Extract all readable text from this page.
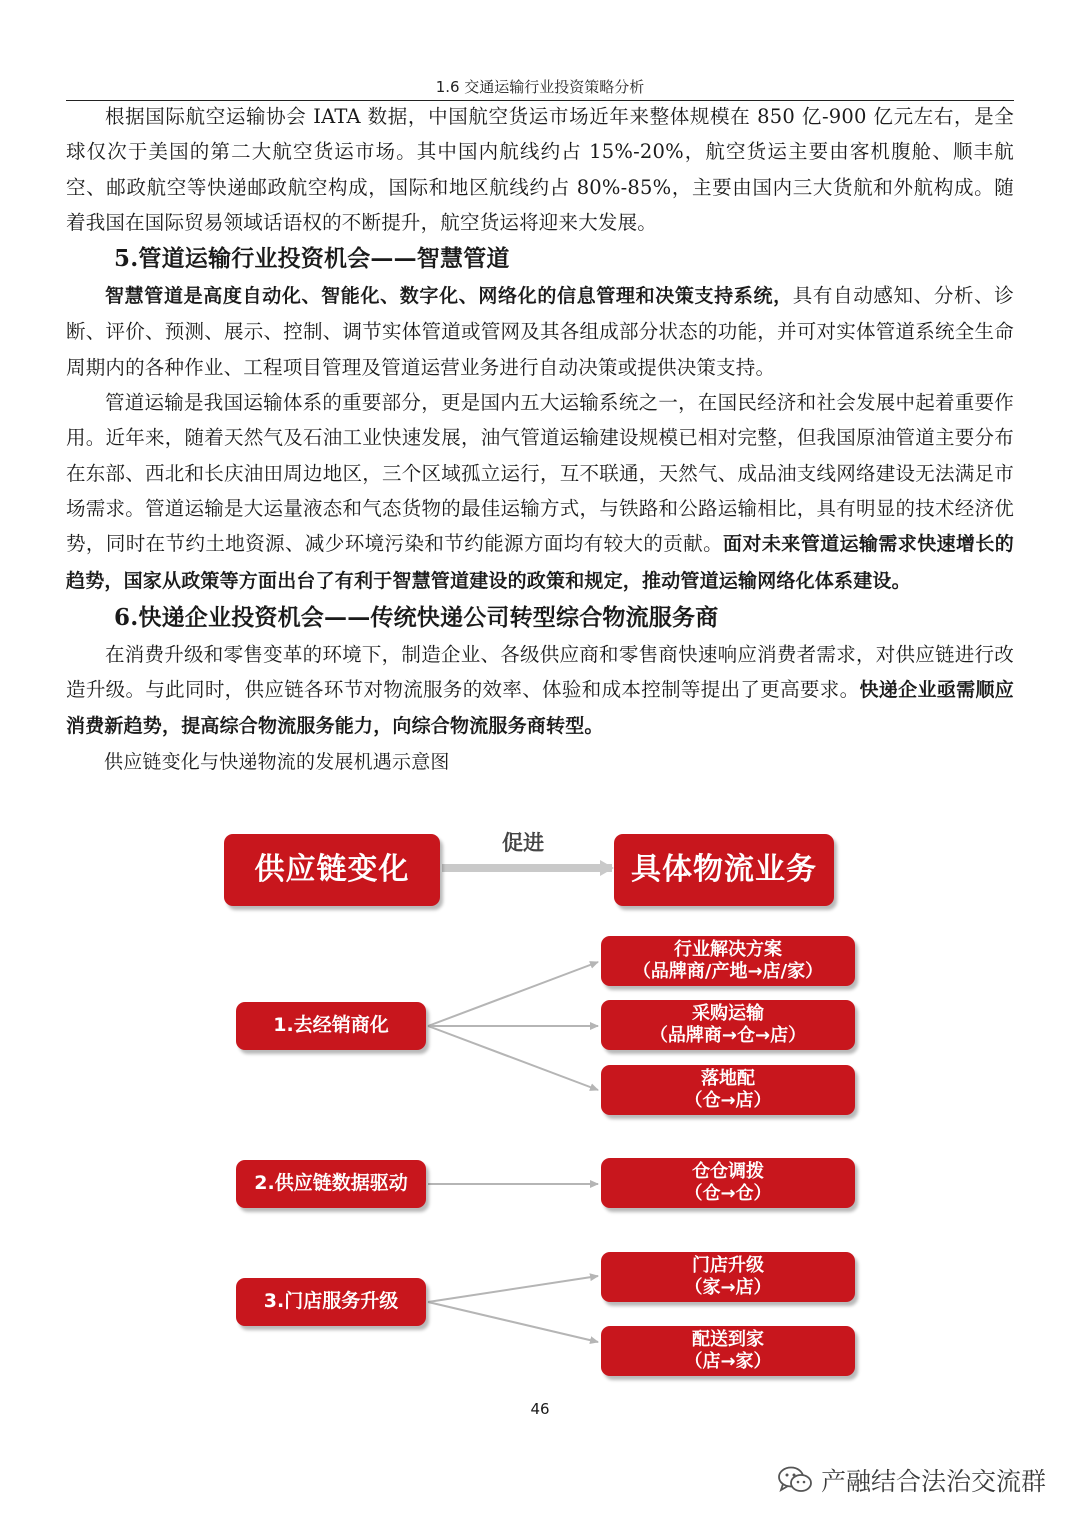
1.6 交通运输行业投资策略分析

根据国际航空运输协会 IATA 数据，中国航空货运市场近年来整体规模在 850 亿-900 亿元左右，是全球仅次于美国的第二大航空货运市场。其中国内航线约占 15%-20%，航空货运主要由客机腹舱、顺丰航空、邮政航空等快递邮政航空构成，国际和地区航线约占 80%-85%，主要由国内三大货航和外航构成。随着我国在国际贸易领域话语权的不断提升，航空货运将迎来大发展。

5.管道运输行业投资机会——智慧管道

智慧管道是高度自动化、智能化、数字化、网络化的信息管理和决策支持系统，具有自动感知、分析、诊断、评价、预测、展示、控制、调节实体管道或管网及其各组成部分状态的功能，并可对实体管道系统全生命周期内的各种作业、工程项目管理及管道运营业务进行自动决策或提供决策支持。

管道运输是我国运输体系的重要部分，更是国内五大运输系统之一，在国民经济和社会发展中起着重要作用。近年来，随着天然气及石油工业快速发展，油气管道运输建设规模已相对完整，但我国原油管道主要分布在东部、西北和长庆油田周边地区，三个区域孤立运行，互不联通，天然气、成品油支线网络建设无法满足市场需求。管道运输是大运量液态和气态货物的最佳运输方式，与铁路和公路运输相比，具有明显的技术经济优势，同时在节约土地资源、减少环境污染和节约能源方面均有较大的贡献。面对未来管道运输需求快速增长的趋势，国家从政策等方面出台了有利于智慧管道建设的政策和规定，推动管道运输网络化体系建设。

6.快递企业投资机会——传统快递公司转型综合物流服务商

在消费升级和零售变革的环境下，制造企业、各级供应商和零售商快速响应消费者需求，对供应链进行改造升级。与此同时，供应链各环节对物流服务的效率、体验和成本控制等提出了更高要求。快递企业亟需顺应消费新趋势，提高综合物流服务能力，向综合物流服务商转型。

供应链变化与快递物流的发展机遇示意图

促进
供应链变化	具体物流业务
1.去经销商化
2.供应链数据驱动
3.门店服务升级
行业解决方案
（品牌商/产地→店/家）
采购运输
（品牌商→仓→店）
落地配
（仓→店）
仓仓调拨
（仓→仓）
门店升级
（家→店）
配送到家
（店→家）
46
产融结合法治交流群
